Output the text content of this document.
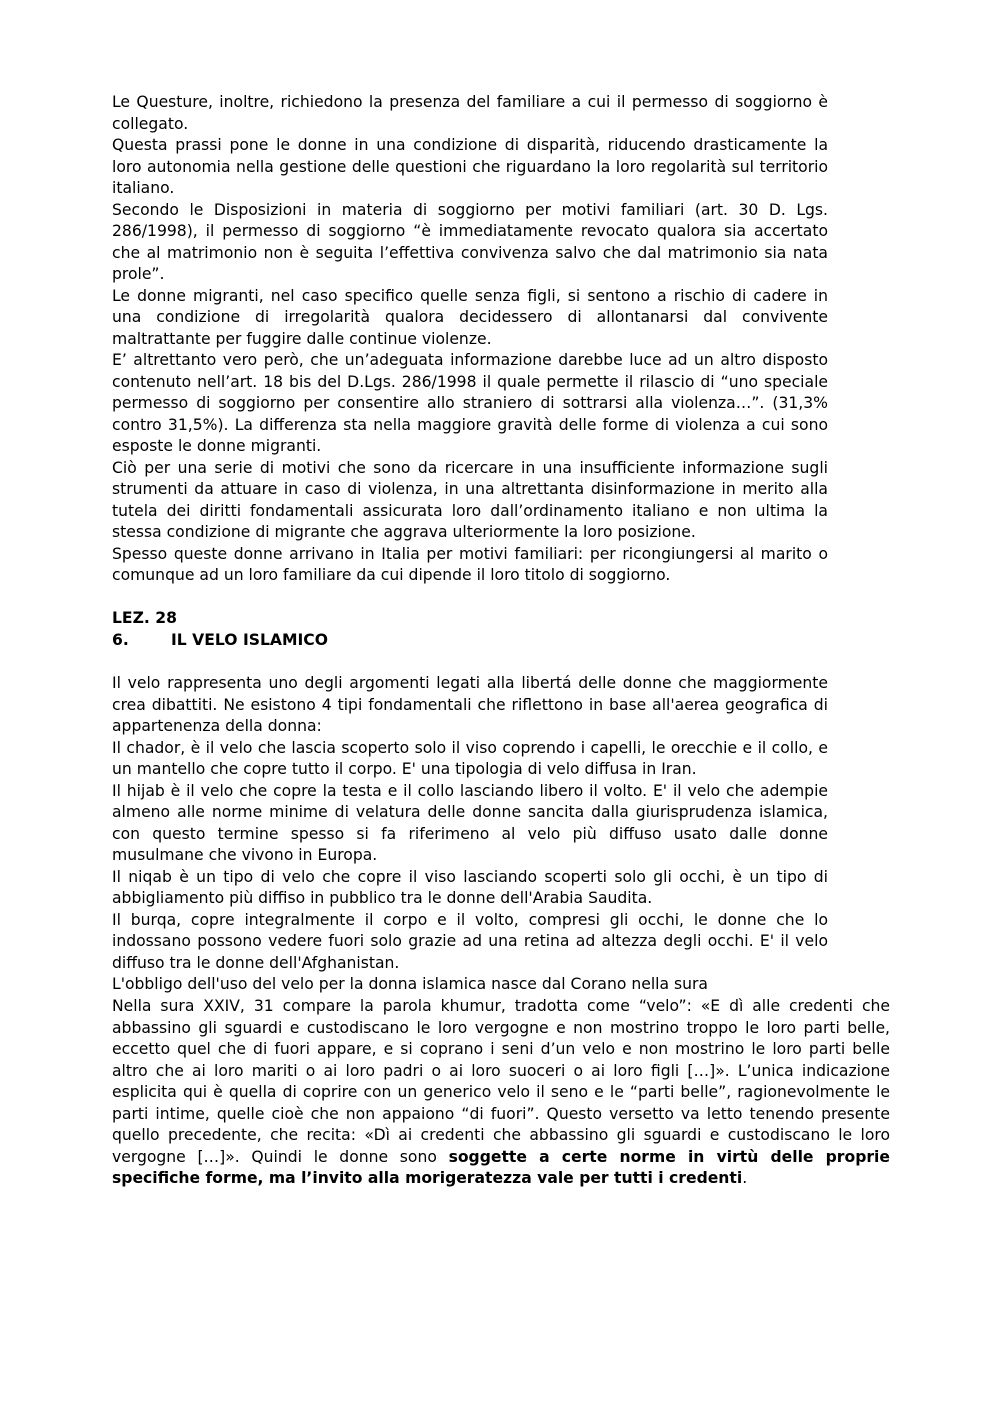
Le Questure, inoltre, richiedono la presenza del familiare a cui il permesso di soggiorno è collegato.

Questa prassi pone le donne in una condizione di disparità, riducendo drasticamente la loro autonomia nella gestione delle questioni che riguardano la loro regolarità sul territorio italiano.

Secondo le Disposizioni in materia di soggiorno per motivi familiari (art. 30 D. Lgs. 286/1998), il permesso di soggiorno “è immediatamente revocato qualora sia accertato che al matrimonio non è seguita l’effettiva convivenza salvo che dal matrimonio sia nata prole”.

Le donne migranti, nel caso specifico quelle senza figli, si sentono a rischio di cadere in una condizione di irregolarità qualora decidessero di allontanarsi dal convivente maltrattante per fuggire dalle continue violenze.

E’ altrettanto vero però, che un’adeguata informazione darebbe luce ad un altro disposto contenuto nell’art. 18 bis del D.Lgs. 286/1998 il quale permette il rilascio di “uno speciale permesso di soggiorno per consentire allo straniero di sottrarsi alla violenza…”. (31,3% contro 31,5%). La differenza sta nella maggiore gravità delle forme di violenza a cui sono esposte le donne migranti.

Ciò per una serie di motivi che sono da ricercare in una insufficiente informazione sugli strumenti da attuare in caso di violenza, in una altrettanta disinformazione in merito alla tutela dei diritti fondamentali assicurata loro dall’ordinamento italiano e non ultima la stessa condizione di migrante che aggrava ulteriormente la loro posizione.

Spesso queste donne arrivano in Italia per motivi familiari: per ricongiungersi al marito o comunque ad un loro familiare da cui dipende il loro titolo di soggiorno.

LEZ. 28
6.	IL VELO ISLAMICO

Il velo rappresenta uno degli argomenti legati alla libertá delle donne che maggiormente crea dibattiti. Ne esistono 4 tipi fondamentali che riflettono in base all'aerea geografica di appartenenza della donna:

Il chador, è il velo che lascia scoperto solo il viso coprendo i capelli, le orecchie e il collo, e un mantello che copre tutto il corpo. E' una tipologia di velo diffusa in Iran.

Il hijab è il velo che copre la testa e il collo lasciando libero il volto. E' il velo che adempie almeno alle norme minime di velatura delle donne sancita dalla giurisprudenza islamica, con questo termine spesso si fa riferimeno al velo più diffuso usato dalle donne musulmane che vivono in Europa.

Il niqab è un tipo di velo che copre il viso lasciando scoperti solo gli occhi, è un tipo di abbigliamento più diffiso in pubblico tra le donne dell'Arabia Saudita.

Il burqa, copre integralmente il corpo e il volto, compresi gli occhi, le donne che lo indossano possono vedere fuori solo grazie ad una retina ad altezza degli occhi. E' il velo diffuso tra le donne dell'Afghanistan.

L'obbligo dell'uso del velo per la donna islamica nasce dal Corano nella sura

Nella sura XXIV, 31 compare la parola khumur, tradotta come “velo”: «E dì alle credenti che abbassino gli sguardi e custodiscano le loro vergogne e non mostrino troppo le loro parti belle, eccetto quel che di fuori appare, e si coprano i seni d’un velo e non mostrino le loro parti belle altro che ai loro mariti o ai loro padri o ai loro suoceri o ai loro figli […]». L’unica indicazione esplicita qui è quella di coprire con un generico velo il seno e le “parti belle”, ragionevolmente le parti intime, quelle cioè che non appaiono “di fuori”. Questo versetto va letto tenendo presente quello precedente, che recita: «Dì ai credenti che abbassino gli sguardi e custodiscano le loro vergogne […]». Quindi le donne sono soggette a certe norme in virtù delle proprie specifiche forme, ma l’invito alla morigeratezza vale per tutti i credenti.
